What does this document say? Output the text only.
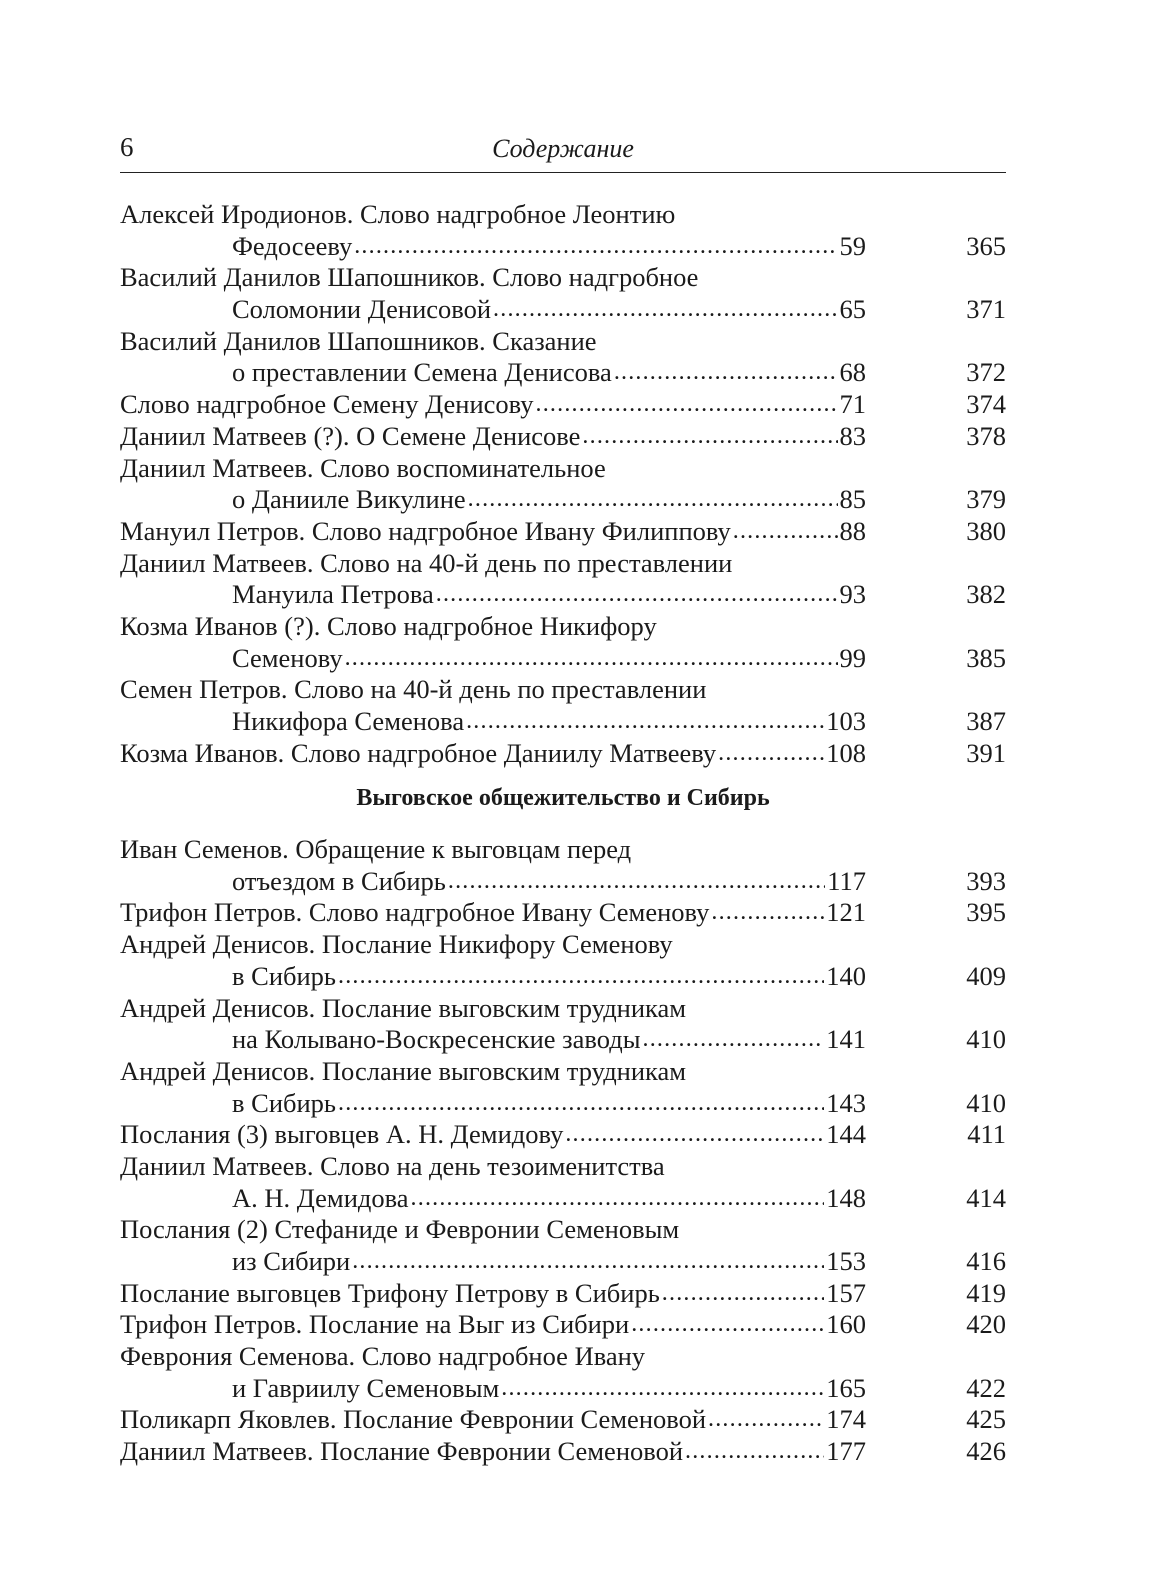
6	Содержание
Алексей Иродионов. Слово надгробное Леонтию
Федосееву .....	59	365
Василий Данилов Шапошников. Слово надгробное
Соломонии Денисовой .....	65	371
Василий Данилов Шапошников. Сказание
о преставлении Семена Денисова .....	68	372
Слово надгробное Семену Денисову .....	71	374
Даниил Матвеев (?). О Семене Денисове .....	83	378
Даниил Матвеев. Слово воспоминательное
о Данииле Викулине .....	85	379
Мануил Петров. Слово надгробное Ивану Филиппову .....	88	380
Даниил Матвеев. Слово на 40-й день по преставлении
Мануила Петрова .....	93	382
Козма Иванов (?). Слово надгробное Никифору
Семенову .....	99	385
Семен Петров. Слово на 40-й день по преставлении
Никифора Семенова .....	103	387
Козма Иванов. Слово надгробное Даниилу Матвееву .....	108	391
Выговское общежительство и Сибирь
Иван Семенов. Обращение к выговцам перед
отъездом в Сибирь .....	117	393
Трифон Петров. Слово надгробное Ивану Семенову .....	121	395
Андрей Денисов. Послание Никифору Семенову
в Сибирь .....	140	409
Андрей Денисов. Послание выговским трудникам
на Колывано-Воскресенские заводы .....	141	410
Андрей Денисов. Послание выговским трудникам
в Сибирь .....	143	410
Послания (3) выговцев А. Н. Демидову .....	144	411
Даниил Матвеев. Слово на день тезоименитства
А. Н. Демидова .....	148	414
Послания (2) Стефаниде и Февронии Семеновым
из Сибири .....	153	416
Послание выговцев Трифону Петрову в Сибирь .....	157	419
Трифон Петров. Послание на Выг из Сибири .....	160	420
Феврония Семенова. Слово надгробное Ивану
и Гавриилу Семеновым .....	165	422
Поликарп Яковлев. Послание Февронии Семеновой .....	174	425
Даниил Матвеев. Послание Февронии Семеновой .....	177	426
